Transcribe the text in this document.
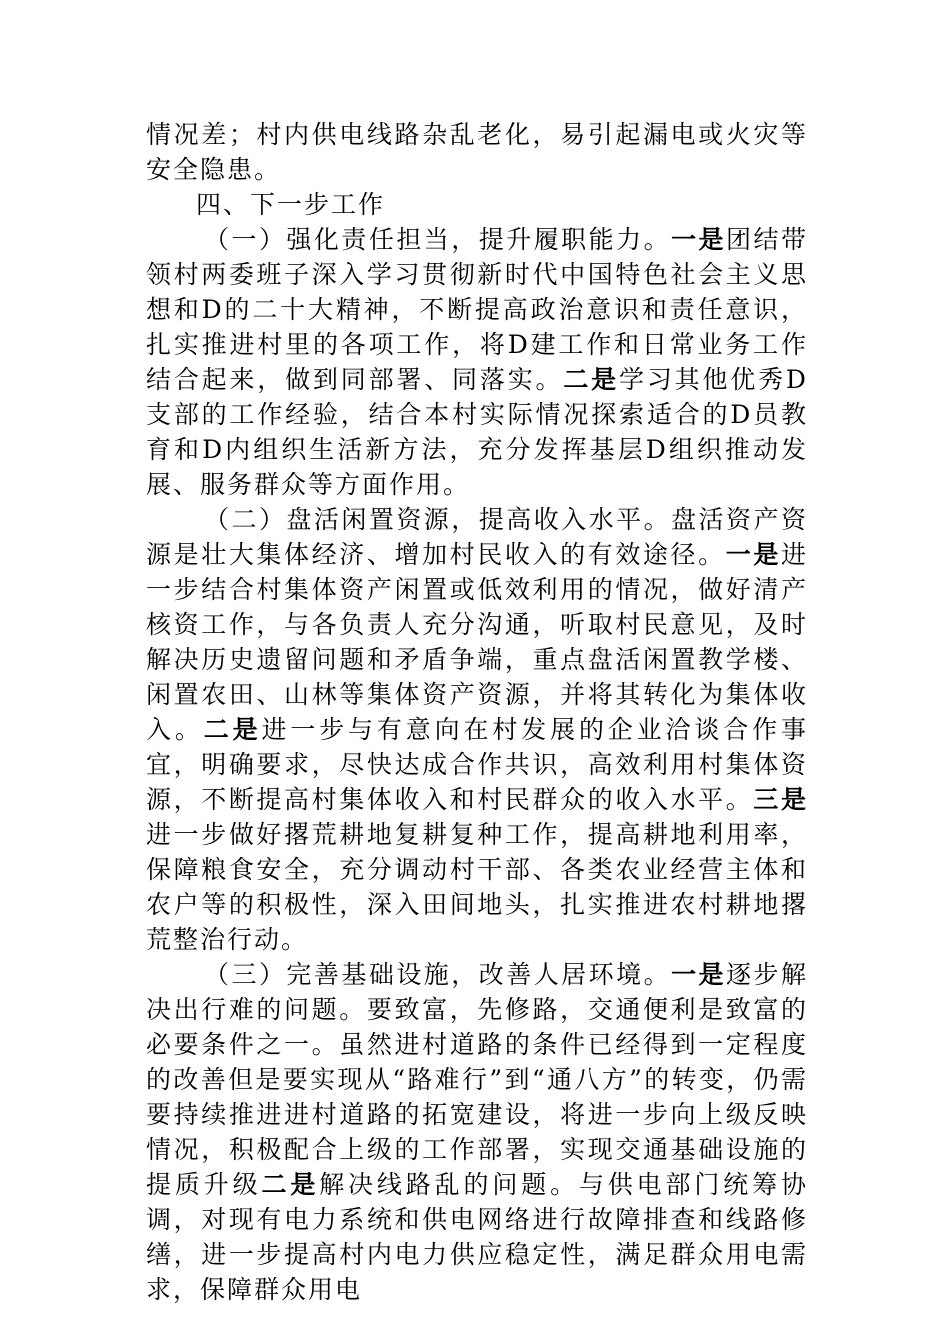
情况差；村内供电线路杂乱老化，易引起漏电或火灾等安全隐患。

四、下一步工作

（一）强化责任担当，提升履职能力。一是团结带领村两委班子深入学习贯彻新时代中国特色社会主义思想和D的二十大精神，不断提高政治意识和责任意识，扎实推进村里的各项工作，将D建工作和日常业务工作结合起来，做到同部署、同落实。二是学习其他优秀D支部的工作经验，结合本村实际情况探索适合的D员教育和D内组织生活新方法，充分发挥基层D组织推动发展、服务群众等方面作用。

（二）盘活闲置资源，提高收入水平。盘活资产资源是壮大集体经济、增加村民收入的有效途径。一是进一步结合村集体资产闲置或低效利用的情况，做好清产核资工作，与各负责人充分沟通，听取村民意见，及时解决历史遗留问题和矛盾争端，重点盘活闲置教学楼、闲置农田、山林等集体资产资源，并将其转化为集体收入。二是进一步与有意向在村发展的企业洽谈合作事宜，明确要求，尽快达成合作共识，高效利用村集体资源，不断提高村集体收入和村民群众的收入水平。三是进一步做好撂荒耕地复耕复种工作，提高耕地利用率，保障粮食安全，充分调动村干部、各类农业经营主体和农户等的积极性，深入田间地头，扎实推进农村耕地撂荒整治行动。

（三）完善基础设施，改善人居环境。一是逐步解决出行难的问题。要致富，先修路，交通便利是致富的必要条件之一。虽然进村道路的条件已经得到一定程度的改善但是要实现从“路难行”到“通八方”的转变，仍需要持续推进进村道路的拓宽建设，将进一步向上级反映情况，积极配合上级的工作部署，实现交通基础设施的提质升级二是解决线路乱的问题。与供电部门统筹协调，对现有电力系统和供电网络进行故障排查和线路修缮，进一步提高村内电力供应稳定性，满足群众用电需求，保障群众用电
